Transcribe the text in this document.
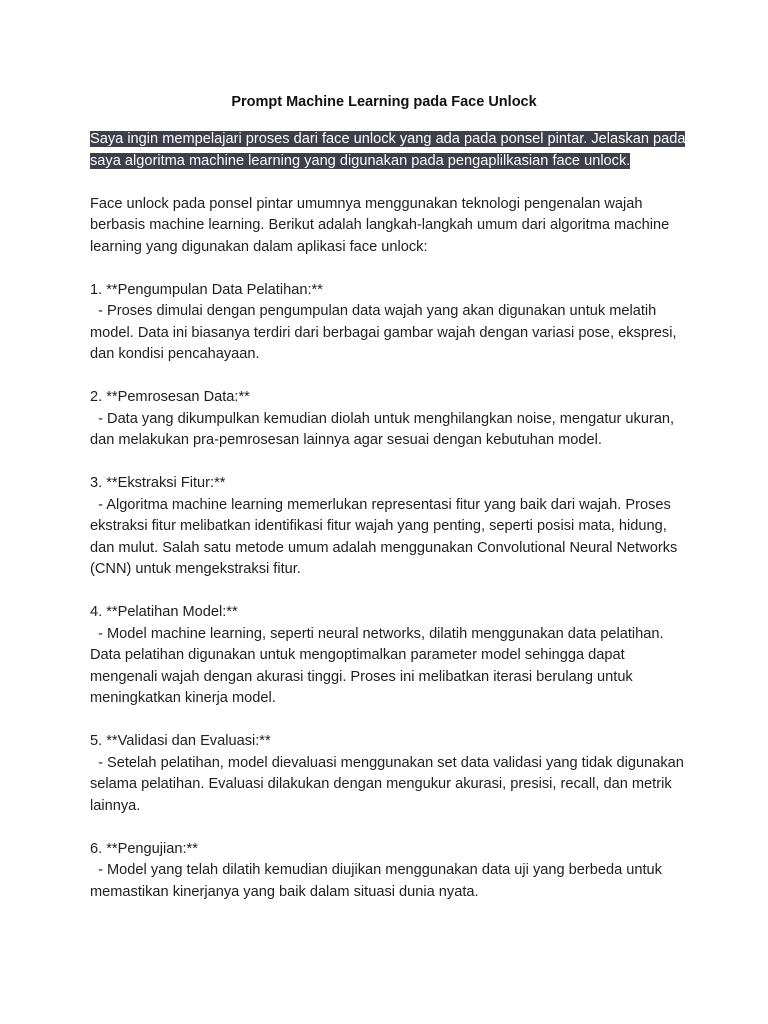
Prompt Machine Learning pada Face Unlock

Saya ingin mempelajari proses dari face unlock yang ada pada ponsel pintar. Jelaskan pada saya algoritma machine learning yang digunakan pada pengaplilkasian face unlock.

Face unlock pada ponsel pintar umumnya menggunakan teknologi pengenalan wajah berbasis machine learning. Berikut adalah langkah-langkah umum dari algoritma machine learning yang digunakan dalam aplikasi face unlock:

1. **Pengumpulan Data Pelatihan:**
- Proses dimulai dengan pengumpulan data wajah yang akan digunakan untuk melatih model. Data ini biasanya terdiri dari berbagai gambar wajah dengan variasi pose, ekspresi, dan kondisi pencahayaan.
2. **Pemrosesan Data:**
- Data yang dikumpulkan kemudian diolah untuk menghilangkan noise, mengatur ukuran, dan melakukan pra-pemrosesan lainnya agar sesuai dengan kebutuhan model.
3. **Ekstraksi Fitur:**
- Algoritma machine learning memerlukan representasi fitur yang baik dari wajah. Proses ekstraksi fitur melibatkan identifikasi fitur wajah yang penting, seperti posisi mata, hidung, dan mulut. Salah satu metode umum adalah menggunakan Convolutional Neural Networks (CNN) untuk mengekstraksi fitur.
4. **Pelatihan Model:**
- Model machine learning, seperti neural networks, dilatih menggunakan data pelatihan. Data pelatihan digunakan untuk mengoptimalkan parameter model sehingga dapat mengenali wajah dengan akurasi tinggi. Proses ini melibatkan iterasi berulang untuk meningkatkan kinerja model.
5. **Validasi dan Evaluasi:**
- Setelah pelatihan, model dievaluasi menggunakan set data validasi yang tidak digunakan selama pelatihan. Evaluasi dilakukan dengan mengukur akurasi, presisi, recall, dan metrik lainnya.
6. **Pengujian:**
- Model yang telah dilatih kemudian diujikan menggunakan data uji yang berbeda untuk memastikan kinerjanya yang baik dalam situasi dunia nyata.
